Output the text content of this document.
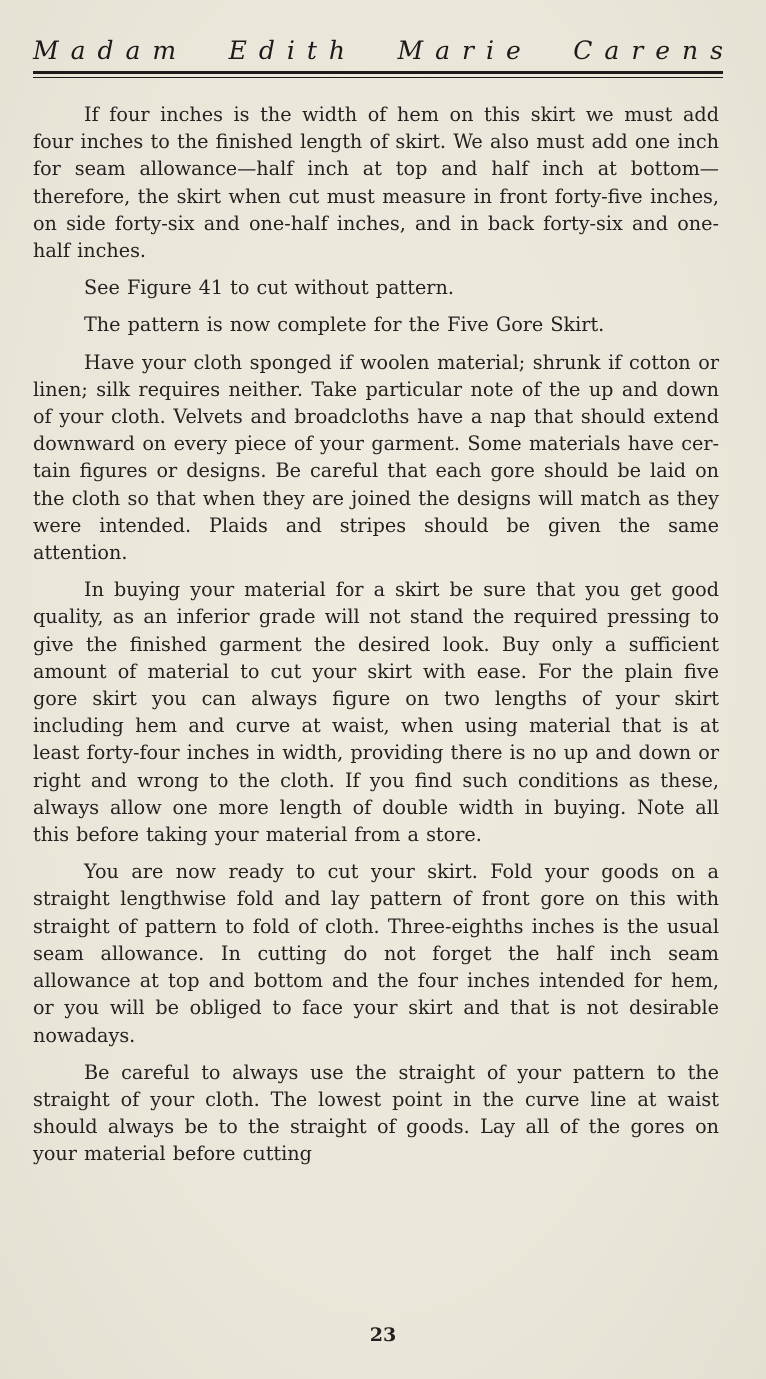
Madam Edith Marie Carens

If four inches is the width of hem on this skirt we must add four inches to the finished length of skirt. We also must add one inch for seam allowance—half inch at top and half inch at bottom—therefore, the skirt when cut must measure in front forty-five inches, on side forty-six and one-half inches, and in back forty-six and one-half inches.

See Figure 41 to cut without pattern.

The pattern is now complete for the Five Gore Skirt.

Have your cloth sponged if woolen material; shrunk if cotton or linen; silk requires neither. Take particular note of the up and down of your cloth. Velvets and broadcloths have a nap that should extend downward on every piece of your garment. Some materials have certain figures or designs. Be careful that each gore should be laid on the cloth so that when they are joined the designs will match as they were intended. Plaids and stripes should be given the same attention.

In buying your material for a skirt be sure that you get good quality, as an inferior grade will not stand the required pressing to give the finished garment the desired look. Buy only a sufficient amount of material to cut your skirt with ease. For the plain five gore skirt you can always figure on two lengths of your skirt including hem and curve at waist, when using material that is at least forty-four inches in width, providing there is no up and down or right and wrong to the cloth. If you find such conditions as these, always allow one more length of double width in buying. Note all this before taking your material from a store.

You are now ready to cut your skirt. Fold your goods on a straight lengthwise fold and lay pattern of front gore on this with straight of pattern to fold of cloth. Three-eighths inches is the usual seam allowance. In cutting do not forget the half inch seam allowance at top and bottom and the four inches intended for hem, or you will be obliged to face your skirt and that is not desirable nowadays.

Be careful to always use the straight of your pattern to the straight of your cloth. The lowest point in the curve line at waist should always be to the straight of goods. Lay all of the gores on your material before cutting

23
